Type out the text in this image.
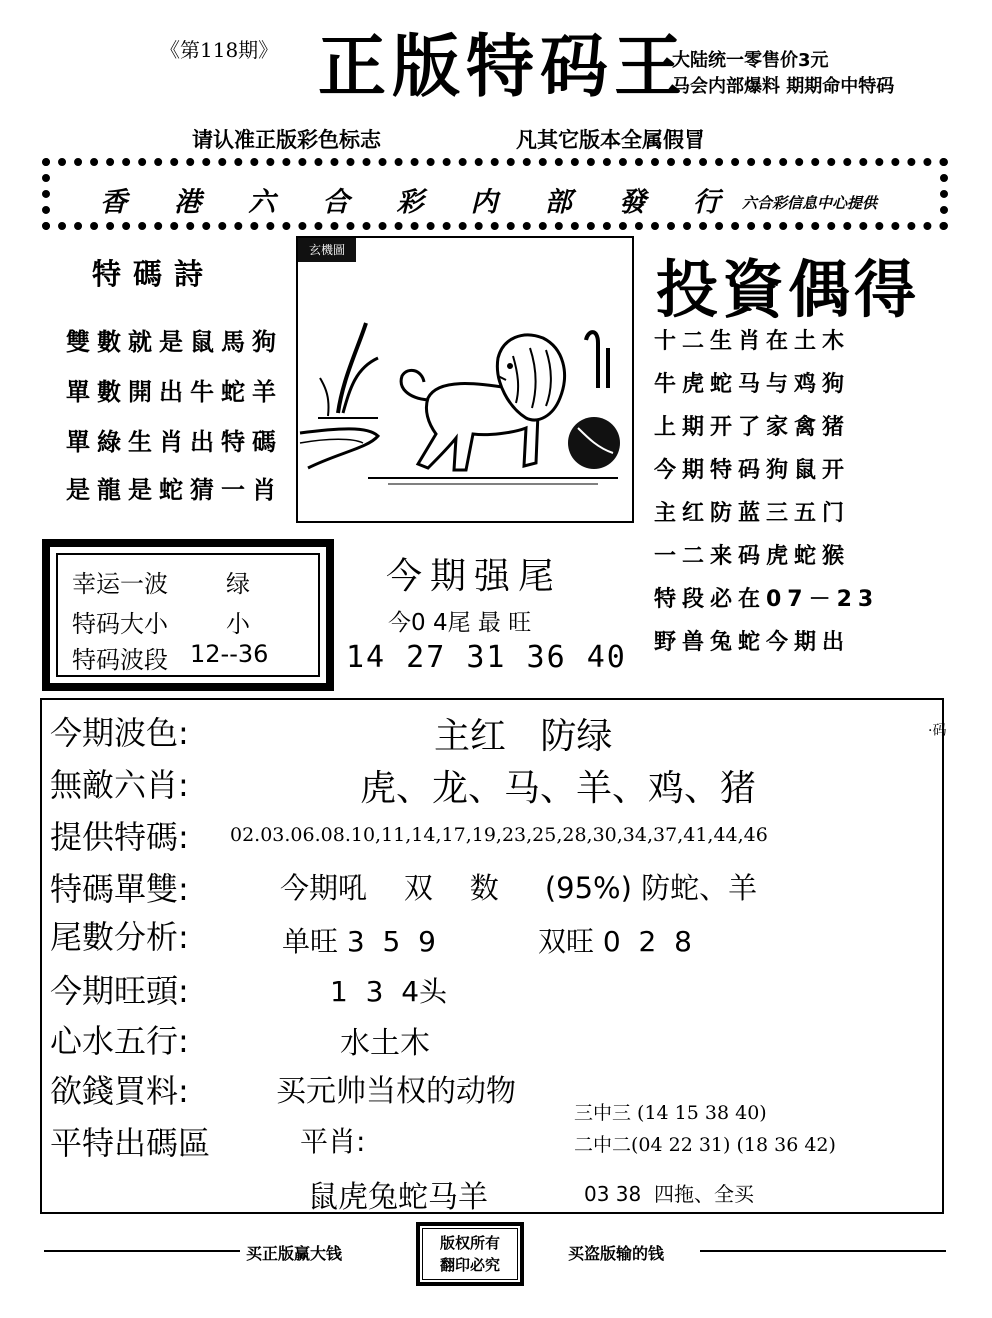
《第118期》 正版特码王
大陆统一零售价3元
马会内部爆料 期期命中特码
请认准正版彩色标志	凡其它版本全属假冒
香 港 六 合 彩 内 部 發 行 六合彩信息中心提供
特碼詩
雙數就是鼠馬狗
單數開出牛蛇羊
單綠生肖出特碼
是龍是蛇猜一肖
玄機圖
投資偶得
十二生肖在土木
牛虎蛇马与鸡狗
上期开了家禽猪
今期特码狗鼠开
主红防蓝三五门
一二来码虎蛇猴
特段必在07－23
野兽兔蛇今期出
幸运一波 绿
特码大小 小
特码波段 12--36
今期强尾
今0 4尾 最 旺
14 27 31 36 40
·码
今期波色:	主红   防绿
無敵六肖:	虎、龙、马、羊、鸡、猪
提供特碼: 02.03.06.08.10,11,14,17,19,23,25,28,30,34,37,41,44,46
特碼單雙:	今期吼    双    数     (95%) 防蛇、羊
尾數分析:	单旺 3  5  9	双旺 0  2  8
今期旺頭:	1  3  4头
心水五行:	水土木
欲錢買料:	买元帅当权的动物
平特出碼區	平肖:
三中三 (14 15 38 40)
二中二(04 22 31) (18 36 42)
鼠虎兔蛇马羊	03 38  四拖、全买
买正版赢大钱
版权所有
翻印必究
买盗版输的钱
